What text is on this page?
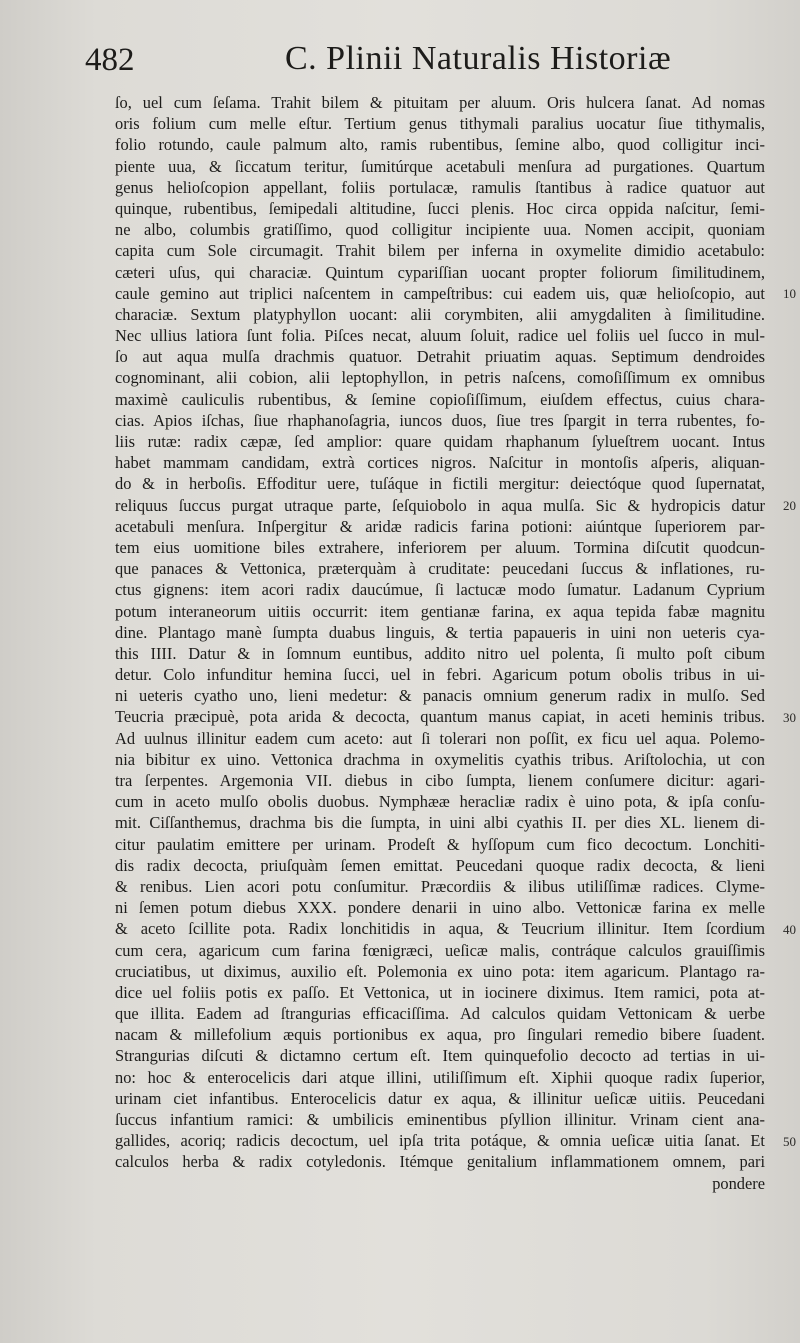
482	C. Plinii Naturalis Historiæ
ſo, uel cum ſeſama. Trahit bilem & pituitam per aluum. Oris hulcera ſanat. Ad nomas
oris folium cum melle eſtur. Tertium genus tithymali paralius uocatur ſiue tithymalis,
folio rotundo, caule palmum alto, ramis rubentibus, ſemine albo, quod colligitur inci-
piente uua, & ſiccatum teritur, ſumitúrque acetabuli menſura ad purgationes. Quartum
genus helioſcopion appellant, foliis portulacæ, ramulis ſtantibus à radice quatuor aut
quinque, rubentibus, ſemipedali altitudine, ſucci plenis. Hoc circa oppida naſcitur, ſemi-
ne albo, columbis gratiſſimo, quod colligitur incipiente uua. Nomen accipit, quoniam
capita cum Sole circumagit. Trahit bilem per inferna in oxymelite dimidio acetabulo:
cæteri uſus, qui characiæ. Quintum cypariſſian uocant propter foliorum ſimilitudinem,
caule gemino aut triplici naſcentem in campeſtribus: cui eadem uis, quæ helioſcopio, aut
characiæ. Sextum platyphyllon uocant: alii corymbiten, alii amygdaliten à ſimilitudine.
Nec ullius latiora ſunt folia. Piſces necat, aluum ſoluit, radice uel foliis uel ſucco in mul-
ſo aut aqua mulſa drachmis quatuor. Detrahit priuatim aquas. Septimum dendroides
cognominant, alii cobion, alii leptophyllon, in petris naſcens, comoſiſſimum ex omnibus
maximè cauliculis rubentibus, & ſemine copioſiſſimum, eiuſdem effectus, cuius chara-
cias. Apios iſchas, ſiue rhaphanoſagria, iuncos duos, ſiue tres ſpargit in terra rubentes, fo-
liis rutæ: radix cæpæ, ſed amplior: quare quidam rhaphanum ſylueſtrem uocant. Intus
habet mammam candidam, extrà cortices nigros. Naſcitur in montoſis aſperis, aliquan-
do & in herboſis. Effoditur uere, tuſáque in fictili mergitur: deiectóque quod ſupernatat,
reliquus ſuccus purgat utraque parte, ſeſquiobolo in aqua mulſa. Sic & hydropicis datur
acetabuli menſura. Inſpergitur & aridæ radicis farina potioni: aiúntque ſuperiorem par-
tem eius uomitione biles extrahere, inferiorem per aluum. Tormina diſcutit quodcun-
que panaces & Vettonica, præterquàm à cruditate: peucedani ſuccus & inflationes, ru-
ctus gignens: item acori radix daucúmue, ſi lactucæ modo ſumatur. Ladanum Cyprium
potum interaneorum uitiis occurrit: item gentianæ farina, ex aqua tepida fabæ magnitu
dine. Plantago manè ſumpta duabus linguis, & tertia papaueris in uini non ueteris cya-
this IIII. Datur & in ſomnum euntibus, addito nitro uel polenta, ſi multo poſt cibum
detur. Colo infunditur hemina ſucci, uel in febri. Agaricum potum obolis tribus in ui-
ni ueteris cyatho uno, lieni medetur: & panacis omnium generum radix in mulſo. Sed
Teucria præcipuè, pota arida & decocta, quantum manus capiat, in aceti heminis tribus.
Ad uulnus illinitur eadem cum aceto: aut ſi tolerari non poſſit, ex ficu uel aqua. Polemo-
nia bibitur ex uino. Vettonica drachma in oxymelitis cyathis tribus. Ariſtolochia, ut con
tra ſerpentes. Argemonia VII. diebus in cibo ſumpta, lienem conſumere dicitur: agari-
cum in aceto mulſo obolis duobus. Nymphææ heracliæ radix è uino pota, & ipſa conſu-
mit. Ciſſanthemus, drachma bis die ſumpta, in uini albi cyathis II. per dies XL. lienem di-
citur paulatim emittere per urinam. Prodeſt & hyſſopum cum fico decoctum. Lonchiti-
dis radix decocta, priuſquàm ſemen emittat. Peucedani quoque radix decocta, & lieni
& renibus. Lien acori potu conſumitur. Præcordiis & ilibus utiliſſimæ radices. Clyme-
ni ſemen potum diebus XXX. pondere denarii in uino albo. Vettonicæ farina ex melle
& aceto ſcillite pota. Radix lonchitidis in aqua, & Teucrium illinitur. Item ſcordium
cum cera, agaricum cum farina fœnigræci, ueſicæ malis, contráque calculos grauiſſimis
cruciatibus, ut diximus, auxilio eſt. Polemonia ex uino pota: item agaricum. Plantago ra-
dice uel foliis potis ex paſſo. Et Vettonica, ut in iocinere diximus. Item ramici, pota at-
que illita. Eadem ad ſtrangurias efficaciſſima. Ad calculos quidam Vettonicam & uerbe
nacam & millefolium æquis portionibus ex aqua, pro ſingulari remedio bibere ſuadent.
Strangurias diſcuti & dictamno certum eſt. Item quinquefolio decocto ad tertias in ui-
no: hoc & enterocelicis dari atque illini, utiliſſimum eſt. Xiphii quoque radix ſuperior,
urinam ciet infantibus. Enterocelicis datur ex aqua, & illinitur ueſicæ uitiis. Peucedani
ſuccus infantium ramici: & umbilicis eminentibus pſyllion illinitur. Vrinam cient ana-
gallides, acoriq; radicis decoctum, uel ipſa trita potáque, & omnia ueſicæ uitia ſanat. Et
calculos herba & radix cotyledonis. Itémque genitalium inflammationem omnem, pari
pondere
10
20
30
40
50
